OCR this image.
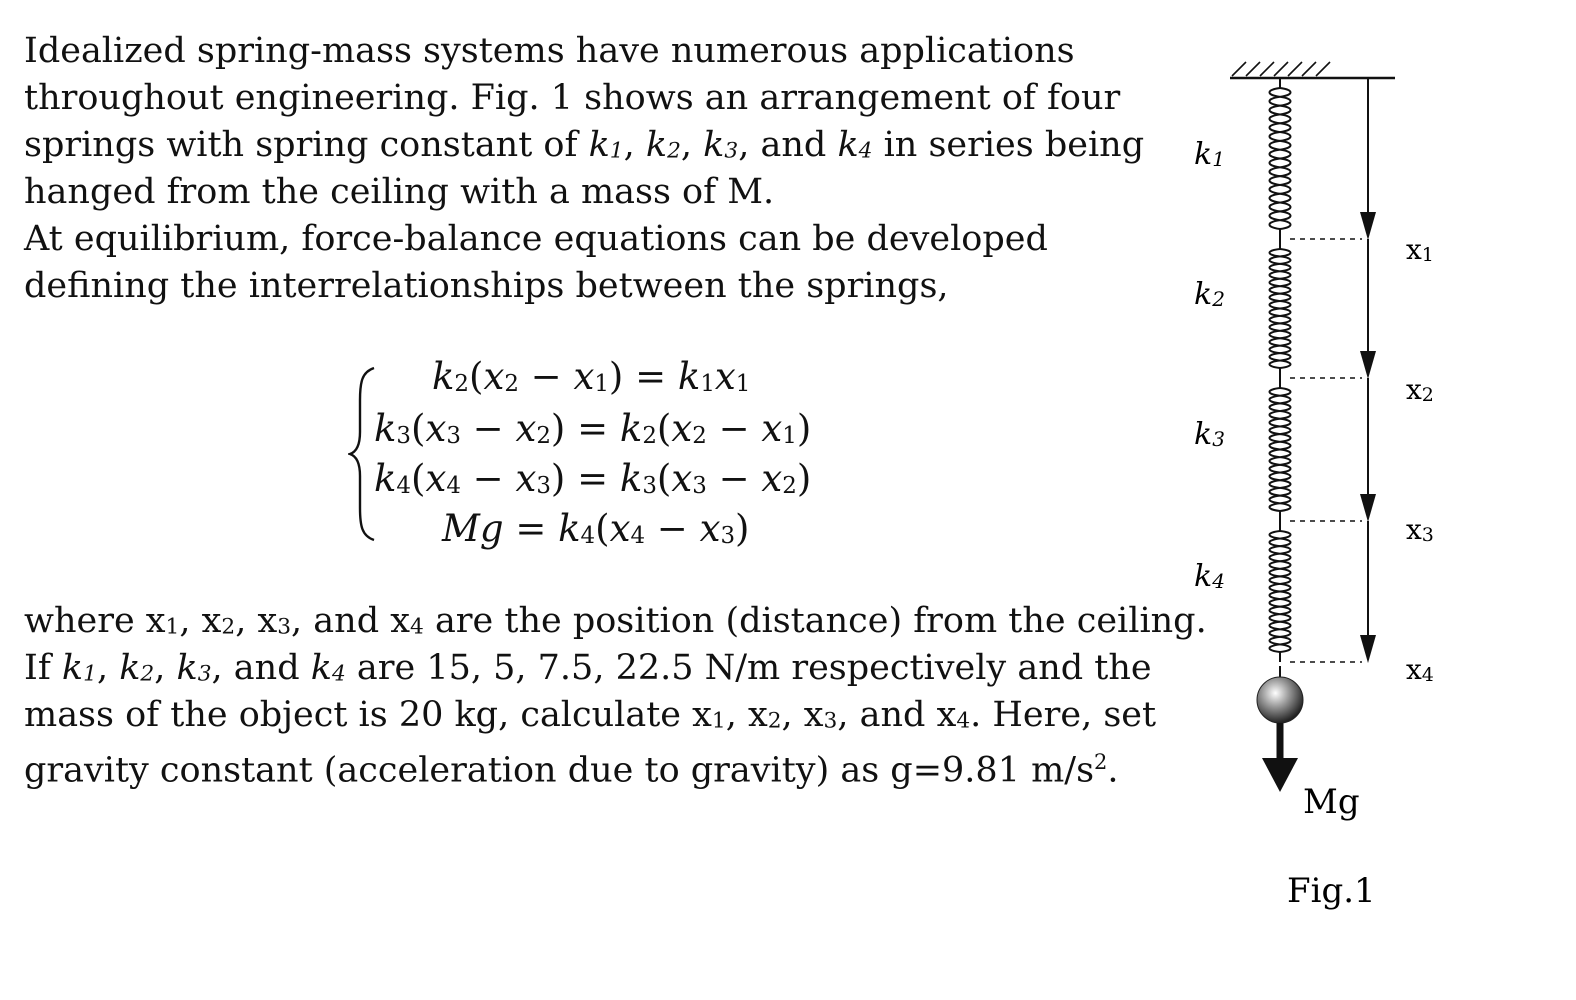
Idealized spring-mass systems have numerous applications
throughout engineering. Fig. 1 shows an arrangement of four
springs with spring constant of $k_1$, $k_2$, $k_3$, and $k_4$ in series being
hanged from the ceiling with a mass of M.
At equilibrium, force-balance equations can be developed
defining the interrelationships between the springs,
$k_2(x_2 - x_1) = k_1x_1$
$k_3(x_3 - x_2) = k_2(x_2 - x_1)$
$k_4(x_4 - x_3) = k_3(x_3 - x_2)$
$Mg = k_4(x_4 - x_3)$
where $x_1$, $x_2$, $x_3$, and $x_4$ are the position (distance) from the ceiling.
If $k_1$, $k_2$, $k_3$, and $k_4$ are 15, 5, 7.5, 22.5 N/m respectively and the
mass of the object is 20 kg, calculate $x_1$, $x_2$, $x_3$, and $x_4$. Here, set
gravity constant (acceleration due to gravity) as g=9.81 $m/s^2$.
k1
k2
k3
k4
x1
x2
x3
x4
Mg
Fig.1
